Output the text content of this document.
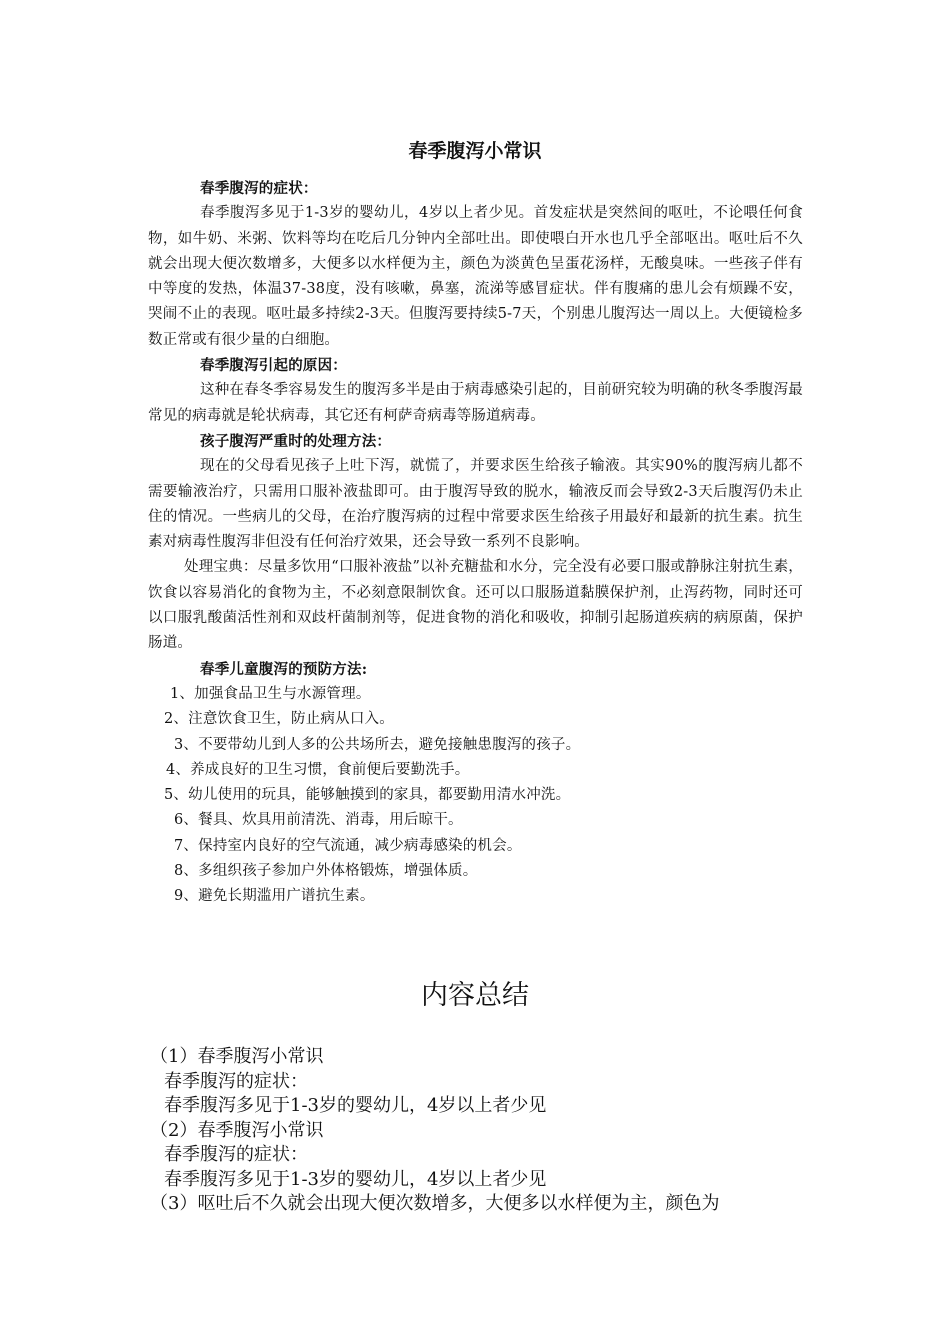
春季腹泻小常识
春季腹泻的症状：
春季腹泻多见于1-3岁的婴幼儿，4岁以上者少见。首发症状是突然间的呕吐，不论喂任何食物，如牛奶、米粥、饮料等均在吃后几分钟内全部吐出。即使喂白开水也几乎全部呕出。呕吐后不久就会出现大便次数增多，大便多以水样便为主，颜色为淡黄色呈蛋花汤样，无酸臭味。一些孩子伴有中等度的发热，体温37-38度，没有咳嗽，鼻塞，流涕等感冒症状。伴有腹痛的患儿会有烦躁不安，哭闹不止的表现。呕吐最多持续2-3天。但腹泻要持续5-7天，个别患儿腹泻达一周以上。大便镜检多数正常或有很少量的白细胞。
春季腹泻引起的原因：
这种在春冬季容易发生的腹泻多半是由于病毒感染引起的，目前研究较为明确的秋冬季腹泻最常见的病毒就是轮状病毒，其它还有柯萨奇病毒等肠道病毒。
孩子腹泻严重时的处理方法：
现在的父母看见孩子上吐下泻，就慌了，并要求医生给孩子输液。其实90%的腹泻病儿都不需要输液治疗，只需用口服补液盐即可。由于腹泻导致的脱水，输液反而会导致2-3天后腹泻仍未止住的情况。一些病儿的父母，在治疗腹泻病的过程中常要求医生给孩子用最好和最新的抗生素。抗生素对病毒性腹泻非但没有任何治疗效果，还会导致一系列不良影响。
处理宝典：尽量多饮用“口服补液盐”以补充糖盐和水分，完全没有必要口服或静脉注射抗生素，饮食以容易消化的食物为主，不必刻意限制饮食。还可以口服肠道黏膜保护剂，止泻药物，同时还可以口服乳酸菌活性剂和双歧杆菌制剂等，促进食物的消化和吸收，抑制引起肠道疾病的病原菌，保护肠道。
春季儿童腹泻的预防方法:
1、加强食品卫生与水源管理。
2、注意饮食卫生，防止病从口入。
3、不要带幼儿到人多的公共场所去，避免接触患腹泻的孩子。
4、养成良好的卫生习惯，食前便后要勤洗手。
5、幼儿使用的玩具，能够触摸到的家具，都要勤用清水冲洗。
6、餐具、炊具用前清洗、消毒，用后晾干。
7、保持室内良好的空气流通，减少病毒感染的机会。
8、多组织孩子参加户外体格锻炼，增强体质。
9、避免长期滥用广谱抗生素。
内容总结
（1）春季腹泻小常识
春季腹泻的症状：
春季腹泻多见于1-3岁的婴幼儿，4岁以上者少见
（2）春季腹泻小常识
春季腹泻的症状：
春季腹泻多见于1-3岁的婴幼儿，4岁以上者少见
（3）呕吐后不久就会出现大便次数增多，大便多以水样便为主，颜色为
